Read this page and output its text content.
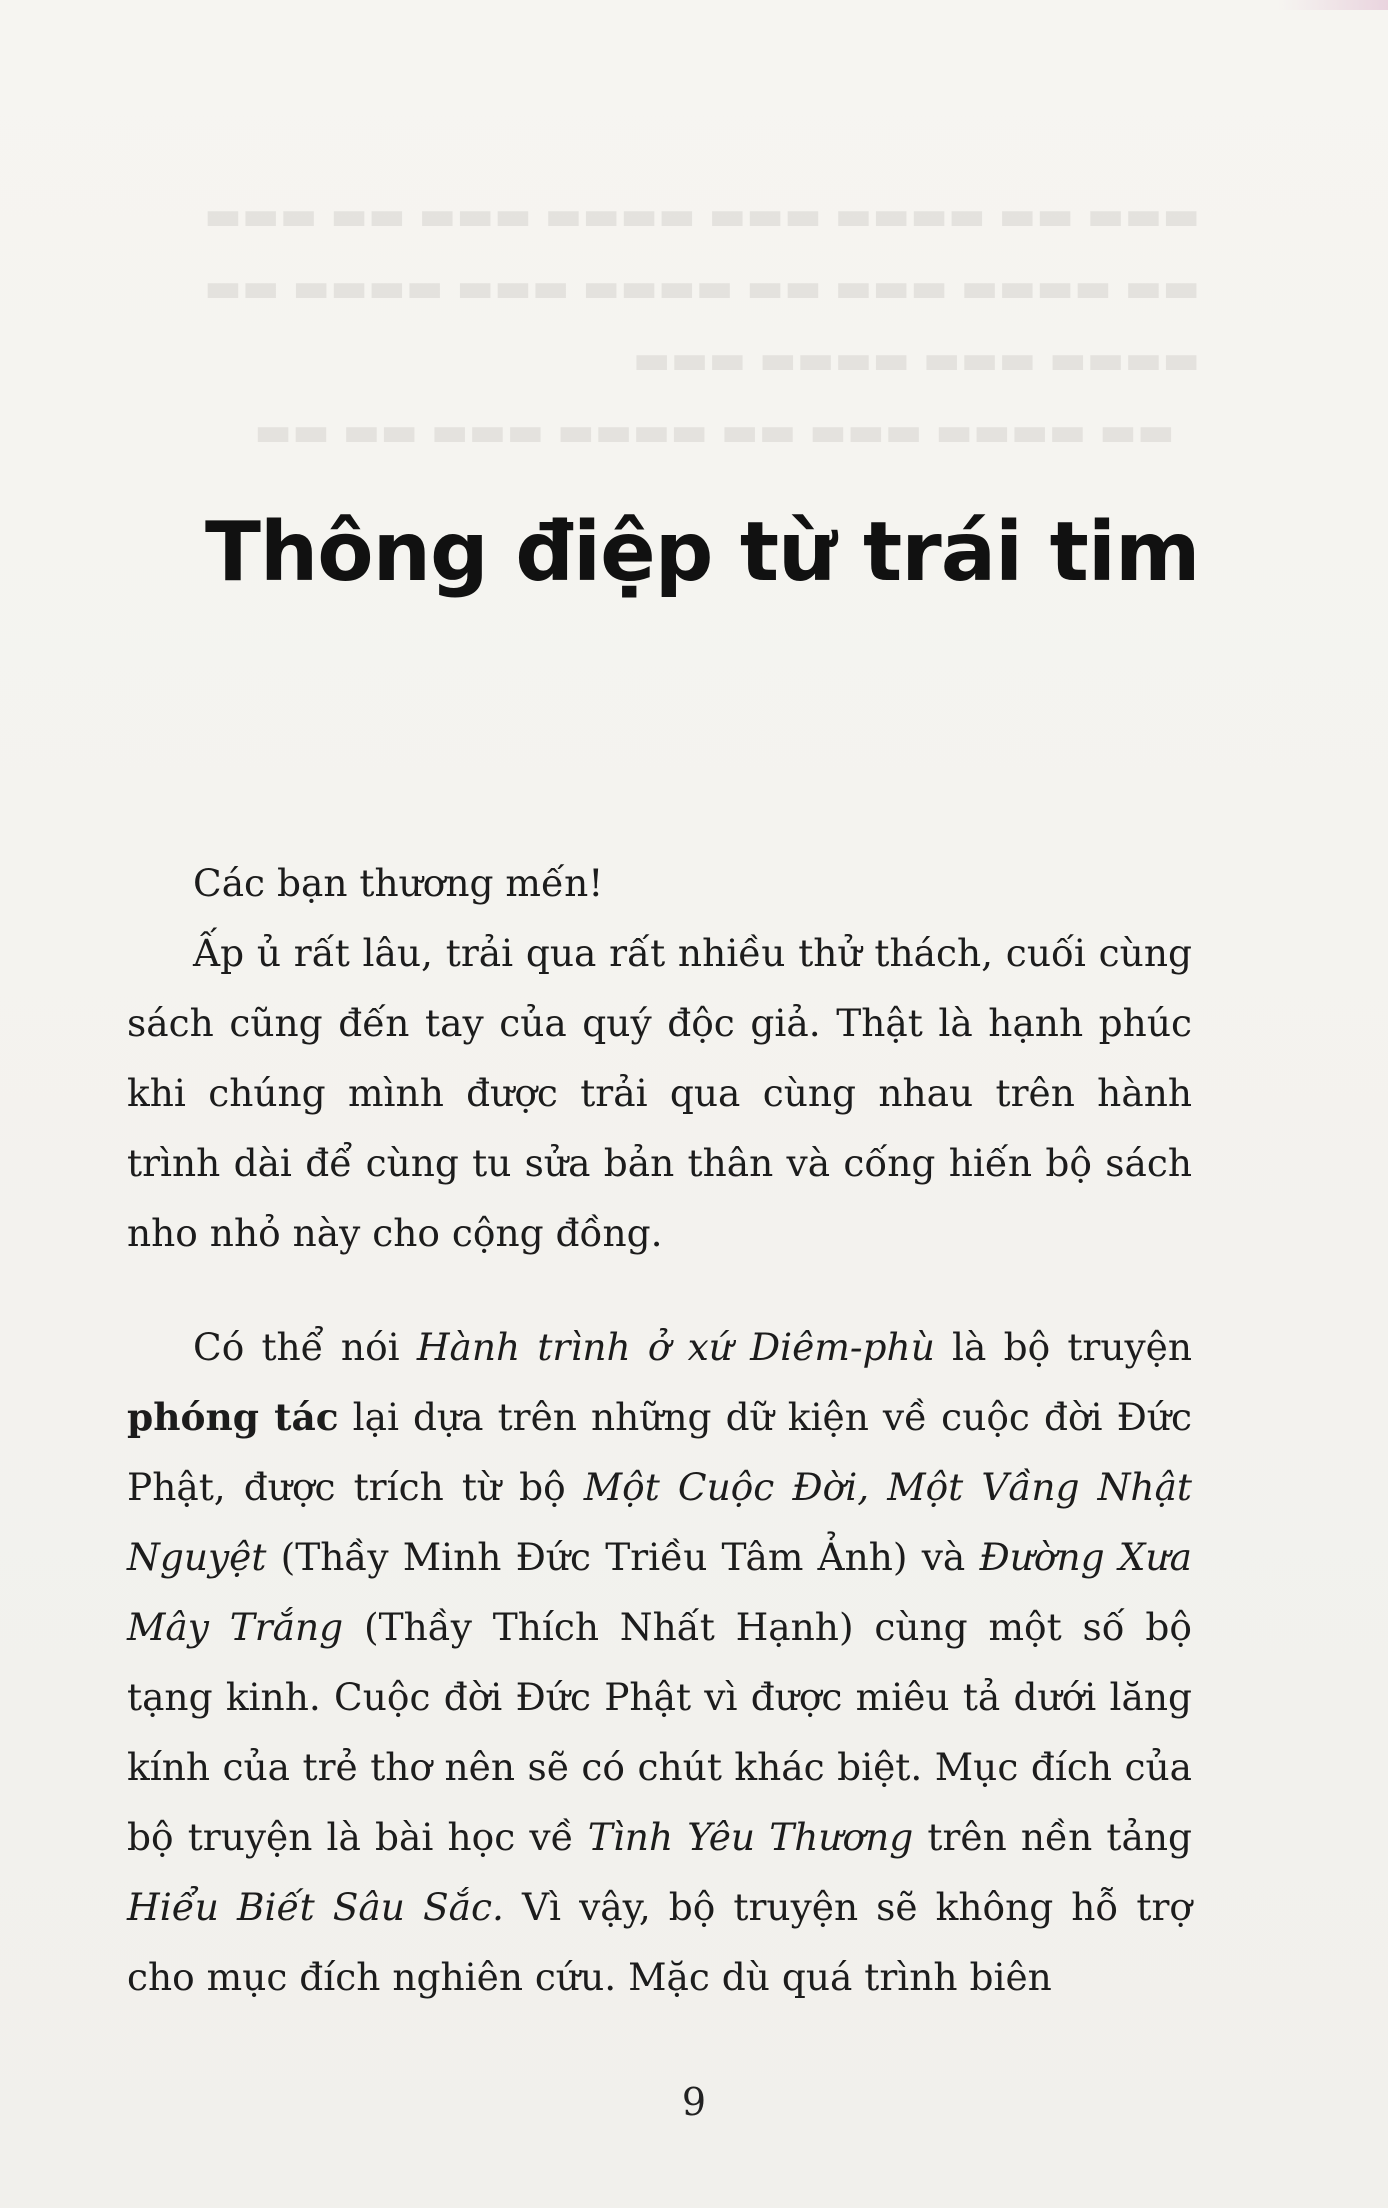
▬▬▬ ▬▬ ▬▬▬▬ ▬▬▬ ▬▬▬▬ ▬▬▬ ▬▬ ▬▬▬
▬▬ ▬▬▬▬ ▬▬▬ ▬▬ ▬▬▬▬ ▬▬▬ ▬▬▬▬ ▬▬
▬▬▬▬ ▬▬▬ ▬▬▬▬ ▬▬▬
▬▬ ▬▬▬▬ ▬▬▬ ▬▬ ▬▬▬▬ ▬▬▬ ▬▬ ▬▬
Thông điệp từ trái tim
Các bạn thương mến!

Ấp ủ rất lâu, trải qua rất nhiều thử thách, cuối cùng sách cũng đến tay của quý độc giả. Thật là hạnh phúc khi chúng mình được trải qua cùng nhau trên hành trình dài để cùng tu sửa bản thân và cống hiến bộ sách nho nhỏ này cho cộng đồng.

Có thể nói Hành trình ở xứ Diêm-phù là bộ truyện phóng tác lại dựa trên những dữ kiện về cuộc đời Đức Phật, được trích từ bộ Một Cuộc Đời, Một Vầng Nhật Nguyệt (Thầy Minh Đức Triều Tâm Ảnh) và Đường Xưa Mây Trắng (Thầy Thích Nhất Hạnh) cùng một số bộ tạng kinh. Cuộc đời Đức Phật vì được miêu tả dưới lăng kính của trẻ thơ nên sẽ có chút khác biệt. Mục đích của bộ truyện là bài học về Tình Yêu Thương trên nền tảng Hiểu Biết Sâu Sắc. Vì vậy, bộ truyện sẽ không hỗ trợ cho mục đích nghiên cứu. Mặc dù quá trình biên

9
